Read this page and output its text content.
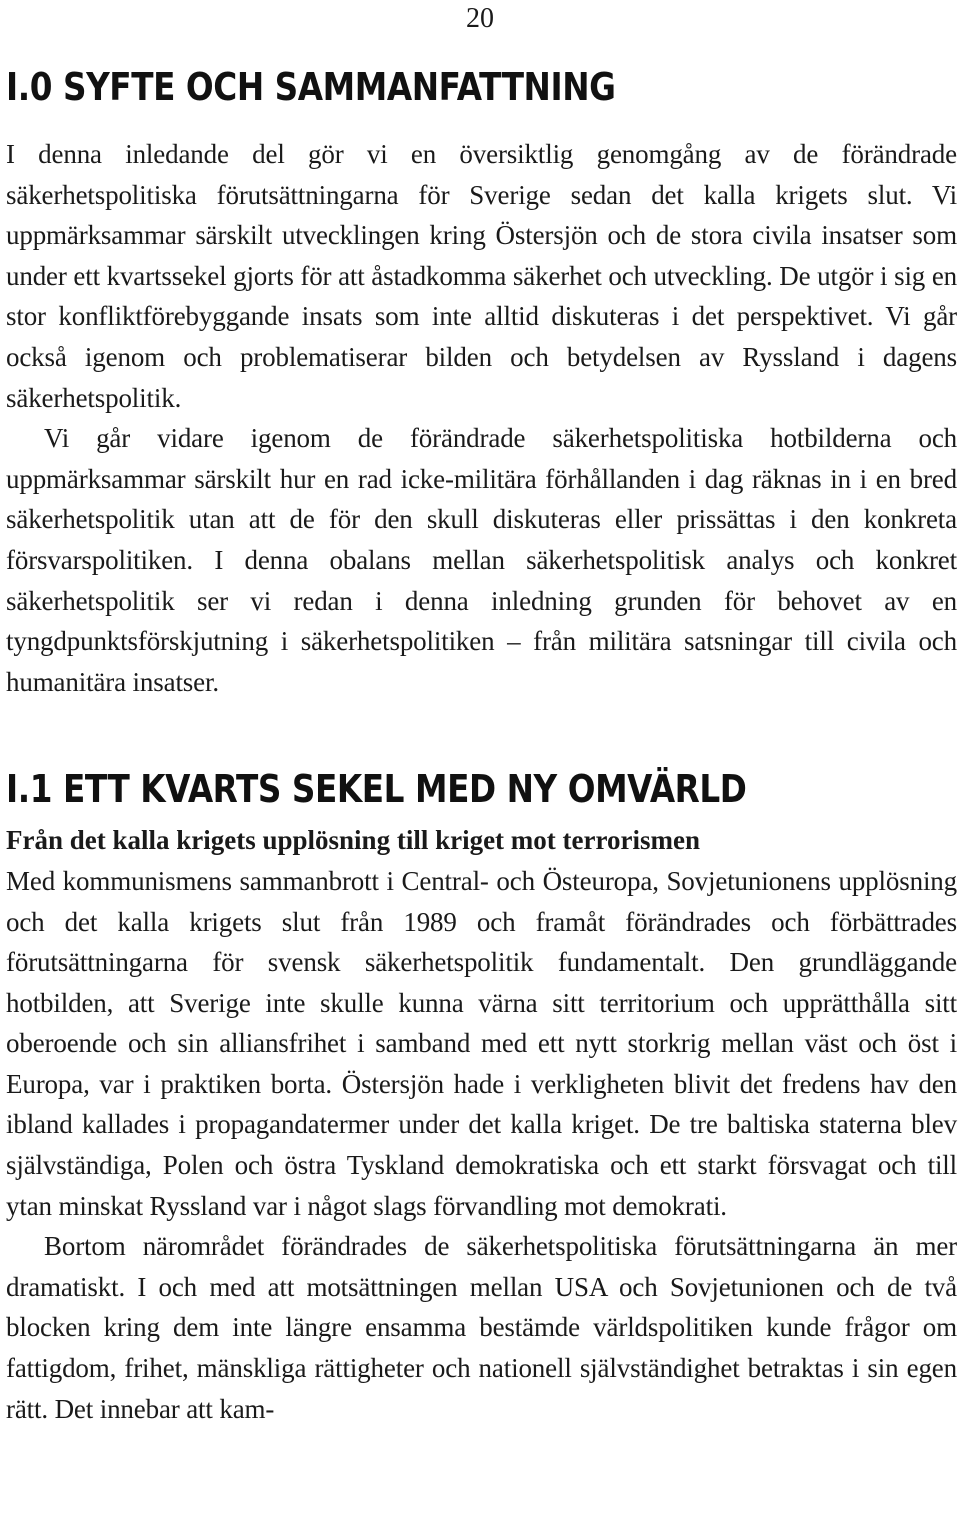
20
I.0 SYFTE OCH SAMMANFATTNING

I denna inledande del gör vi en översiktlig genomgång av de förändrade säkerhetspolitiska förutsättningarna för Sverige sedan det kalla krigets slut. Vi uppmärksammar särskilt utvecklingen kring Östersjön och de stora civila insatser som under ett kvartssekel gjorts för att åstadkomma säkerhet och utveckling. De utgör i sig en stor konfliktförebyggande insats som inte alltid diskuteras i det perspektivet. Vi går också igenom och problematiserar bilden och betydelsen av Ryssland i dagens säkerhetspolitik.

Vi går vidare igenom de förändrade säkerhetspolitiska hotbilderna och uppmärksammar särskilt hur en rad icke-militära förhållanden i dag räknas in i en bred säkerhetspolitik utan att de för den skull diskuteras eller prissättas i den konkreta försvarspolitiken. I denna obalans mellan säkerhetspolitisk analys och konkret säkerhetspolitik ser vi redan i denna inledning grunden för behovet av en tyngdpunktsförskjutning i säkerhetspolitiken – från militära satsningar till civila och humanitära insatser.

I.1 ETT KVARTS SEKEL MED NY OMVÄRLD
Från det kalla krigets upplösning till kriget mot terrorismen

Med kommunismens sammanbrott i Central- och Östeuropa, Sovjetunionens upplösning och det kalla krigets slut från 1989 och framåt förändrades och förbättrades förutsättningarna för svensk säkerhetspolitik fundamentalt. Den grundläggande hotbilden, att Sverige inte skulle kunna värna sitt territorium och upprätthålla sitt oberoende och sin alliansfrihet i samband med ett nytt storkrig mellan väst och öst i Europa, var i praktiken borta. Östersjön hade i verkligheten blivit det fredens hav den ibland kallades i propagandatermer under det kalla kriget. De tre baltiska staterna blev självständiga, Polen och östra Tyskland demokratiska och ett starkt försvagat och till ytan minskat Ryssland var i något slags förvandling mot demokrati.

Bortom närområdet förändrades de säkerhetspolitiska förutsättningarna än mer dramatiskt. I och med att motsättningen mellan USA och Sovjetunionen och de två blocken kring dem inte längre ensamma bestämde världspolitiken kunde frågor om fattigdom, frihet, mänskliga rättigheter och nationell självständighet betraktas i sin egen rätt. Det innebar att kam-
